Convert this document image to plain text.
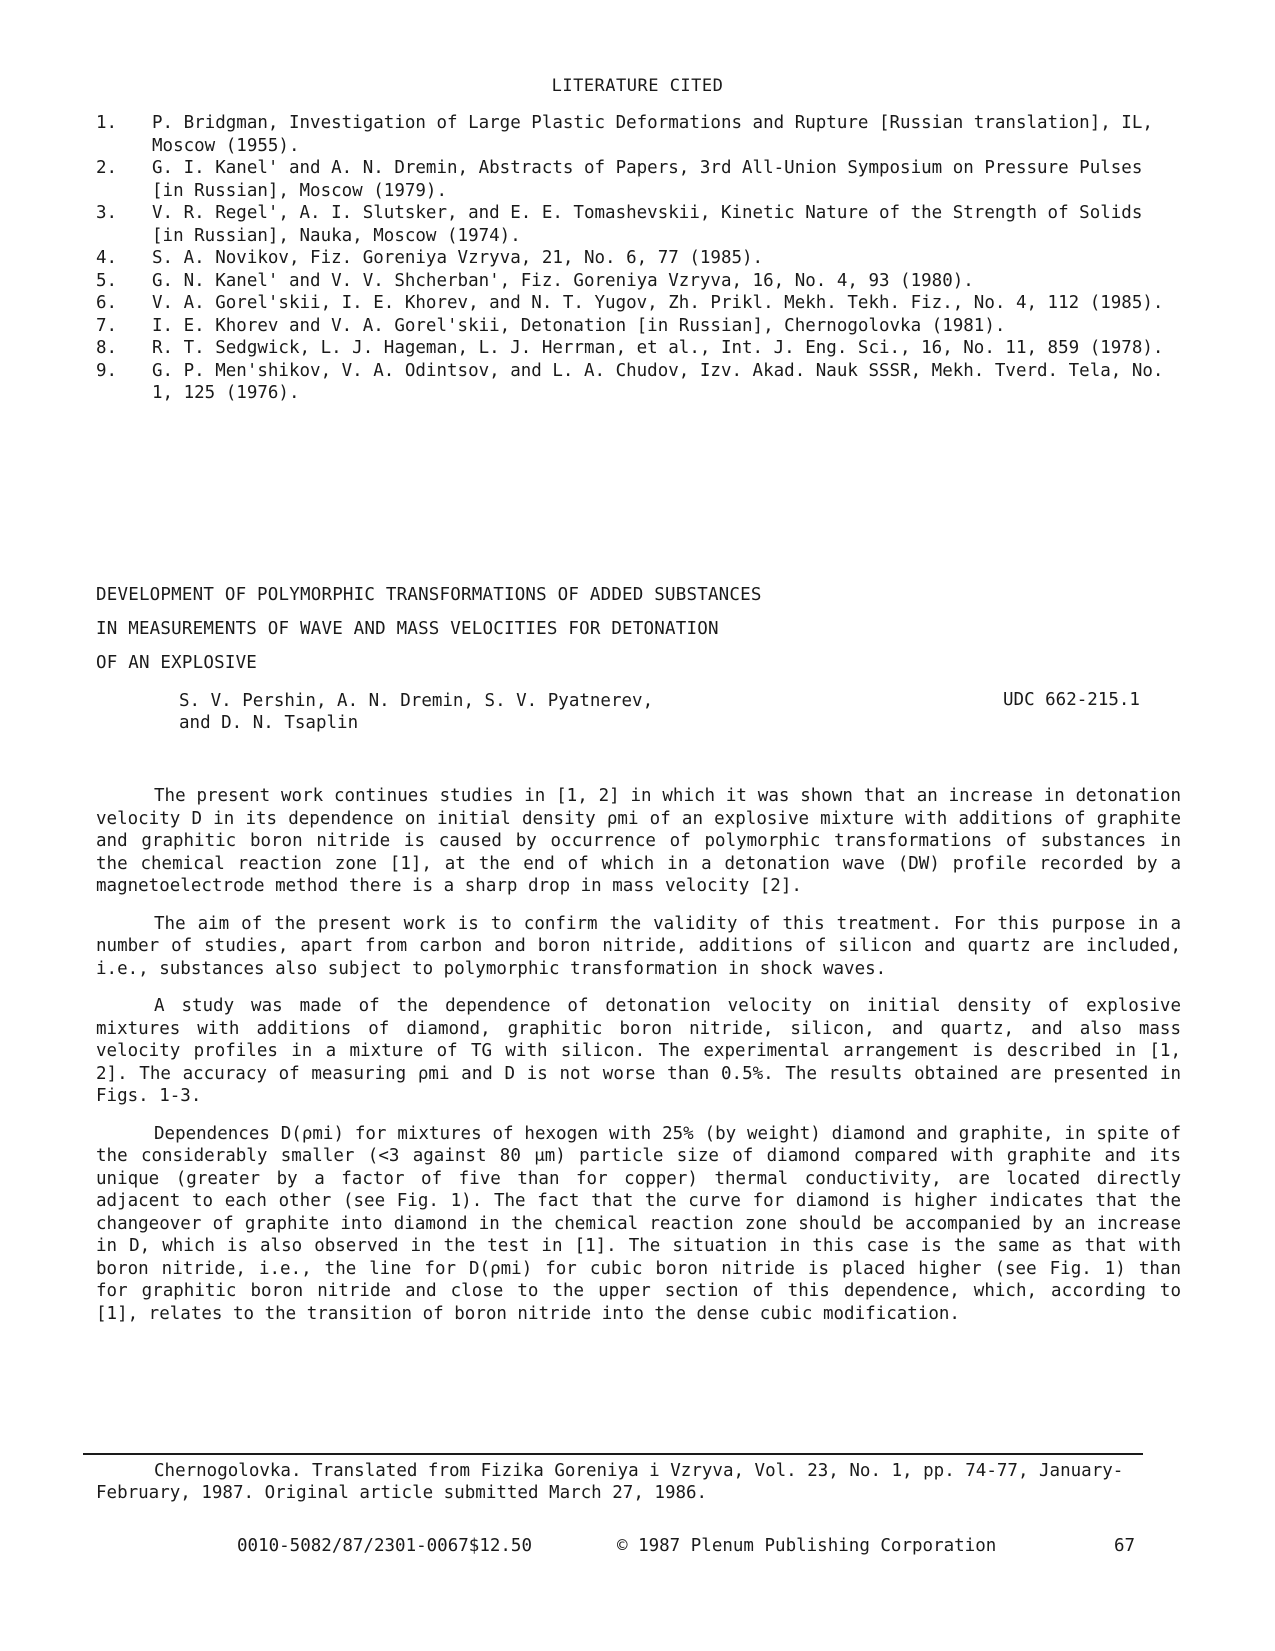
LITERATURE CITED
1.	P. Bridgman, Investigation of Large Plastic Deformations and Rupture [Russian translation], IL, Moscow (1955).
2.	G. I. Kanel' and A. N. Dremin, Abstracts of Papers, 3rd All-Union Symposium on Pressure Pulses [in Russian], Moscow (1979).
3.	V. R. Regel', A. I. Slutsker, and E. E. Tomashevskii, Kinetic Nature of the Strength of Solids [in Russian], Nauka, Moscow (1974).
4.	S. A. Novikov, Fiz. Goreniya Vzryva, 21, No. 6, 77 (1985).
5.	G. N. Kanel' and V. V. Shcherban', Fiz. Goreniya Vzryva, 16, No. 4, 93 (1980).
6.	V. A. Gorel'skii, I. E. Khorev, and N. T. Yugov, Zh. Prikl. Mekh. Tekh. Fiz., No. 4, 112 (1985).
7.	I. E. Khorev and V. A. Gorel'skii, Detonation [in Russian], Chernogolovka (1981).
8.	R. T. Sedgwick, L. J. Hageman, L. J. Herrman, et al., Int. J. Eng. Sci., 16, No. 11, 859 (1978).
9.	G. P. Men'shikov, V. A. Odintsov, and L. A. Chudov, Izv. Akad. Nauk SSSR, Mekh. Tverd. Tela, No. 1, 125 (1976).
DEVELOPMENT OF POLYMORPHIC TRANSFORMATIONS OF ADDED SUBSTANCES
IN MEASUREMENTS OF WAVE AND MASS VELOCITIES FOR DETONATION
OF AN EXPLOSIVE
S. V. Pershin, A. N. Dremin, S. V. Pyatnerev,
and D. N. Tsaplin
UDC 662-215.1

The present work continues studies in [1, 2] in which it was shown that an increase in detonation velocity D in its dependence on initial density ρmi of an explosive mixture with additions of graphite and graphitic boron nitride is caused by occurrence of polymorphic transformations of substances in the chemical reaction zone [1], at the end of which in a detonation wave (DW) profile recorded by a magnetoelectrode method there is a sharp drop in mass velocity [2].

The aim of the present work is to confirm the validity of this treatment. For this purpose in a number of studies, apart from carbon and boron nitride, additions of silicon and quartz are included, i.e., substances also subject to polymorphic transformation in shock waves.

A study was made of the dependence of detonation velocity on initial density of explosive mixtures with additions of diamond, graphitic boron nitride, silicon, and quartz, and also mass velocity profiles in a mixture of TG with silicon. The experimental arrangement is described in [1, 2]. The accuracy of measuring ρmi and D is not worse than 0.5%. The results obtained are presented in Figs. 1-3.

Dependences D(ρmi) for mixtures of hexogen with 25% (by weight) diamond and graphite, in spite of the considerably smaller (<3 against 80 μm) particle size of diamond compared with graphite and its unique (greater by a factor of five than for copper) thermal conductivity, are located directly adjacent to each other (see Fig. 1). The fact that the curve for diamond is higher indicates that the changeover of graphite into diamond in the chemical reaction zone should be accompanied by an increase in D, which is also observed in the test in [1]. The situation in this case is the same as that with boron nitride, i.e., the line for D(ρmi) for cubic boron nitride is placed higher (see Fig. 1) than for graphitic boron nitride and close to the upper section of this dependence, which, according to [1], relates to the transition of boron nitride into the dense cubic modification.

Chernogolovka. Translated from Fizika Goreniya i Vzryva, Vol. 23, No. 1, pp. 74-77, January-February, 1987. Original article submitted March 27, 1986.

0010-5082/87/2301-0067$12.50	© 1987 Plenum Publishing Corporation	67
